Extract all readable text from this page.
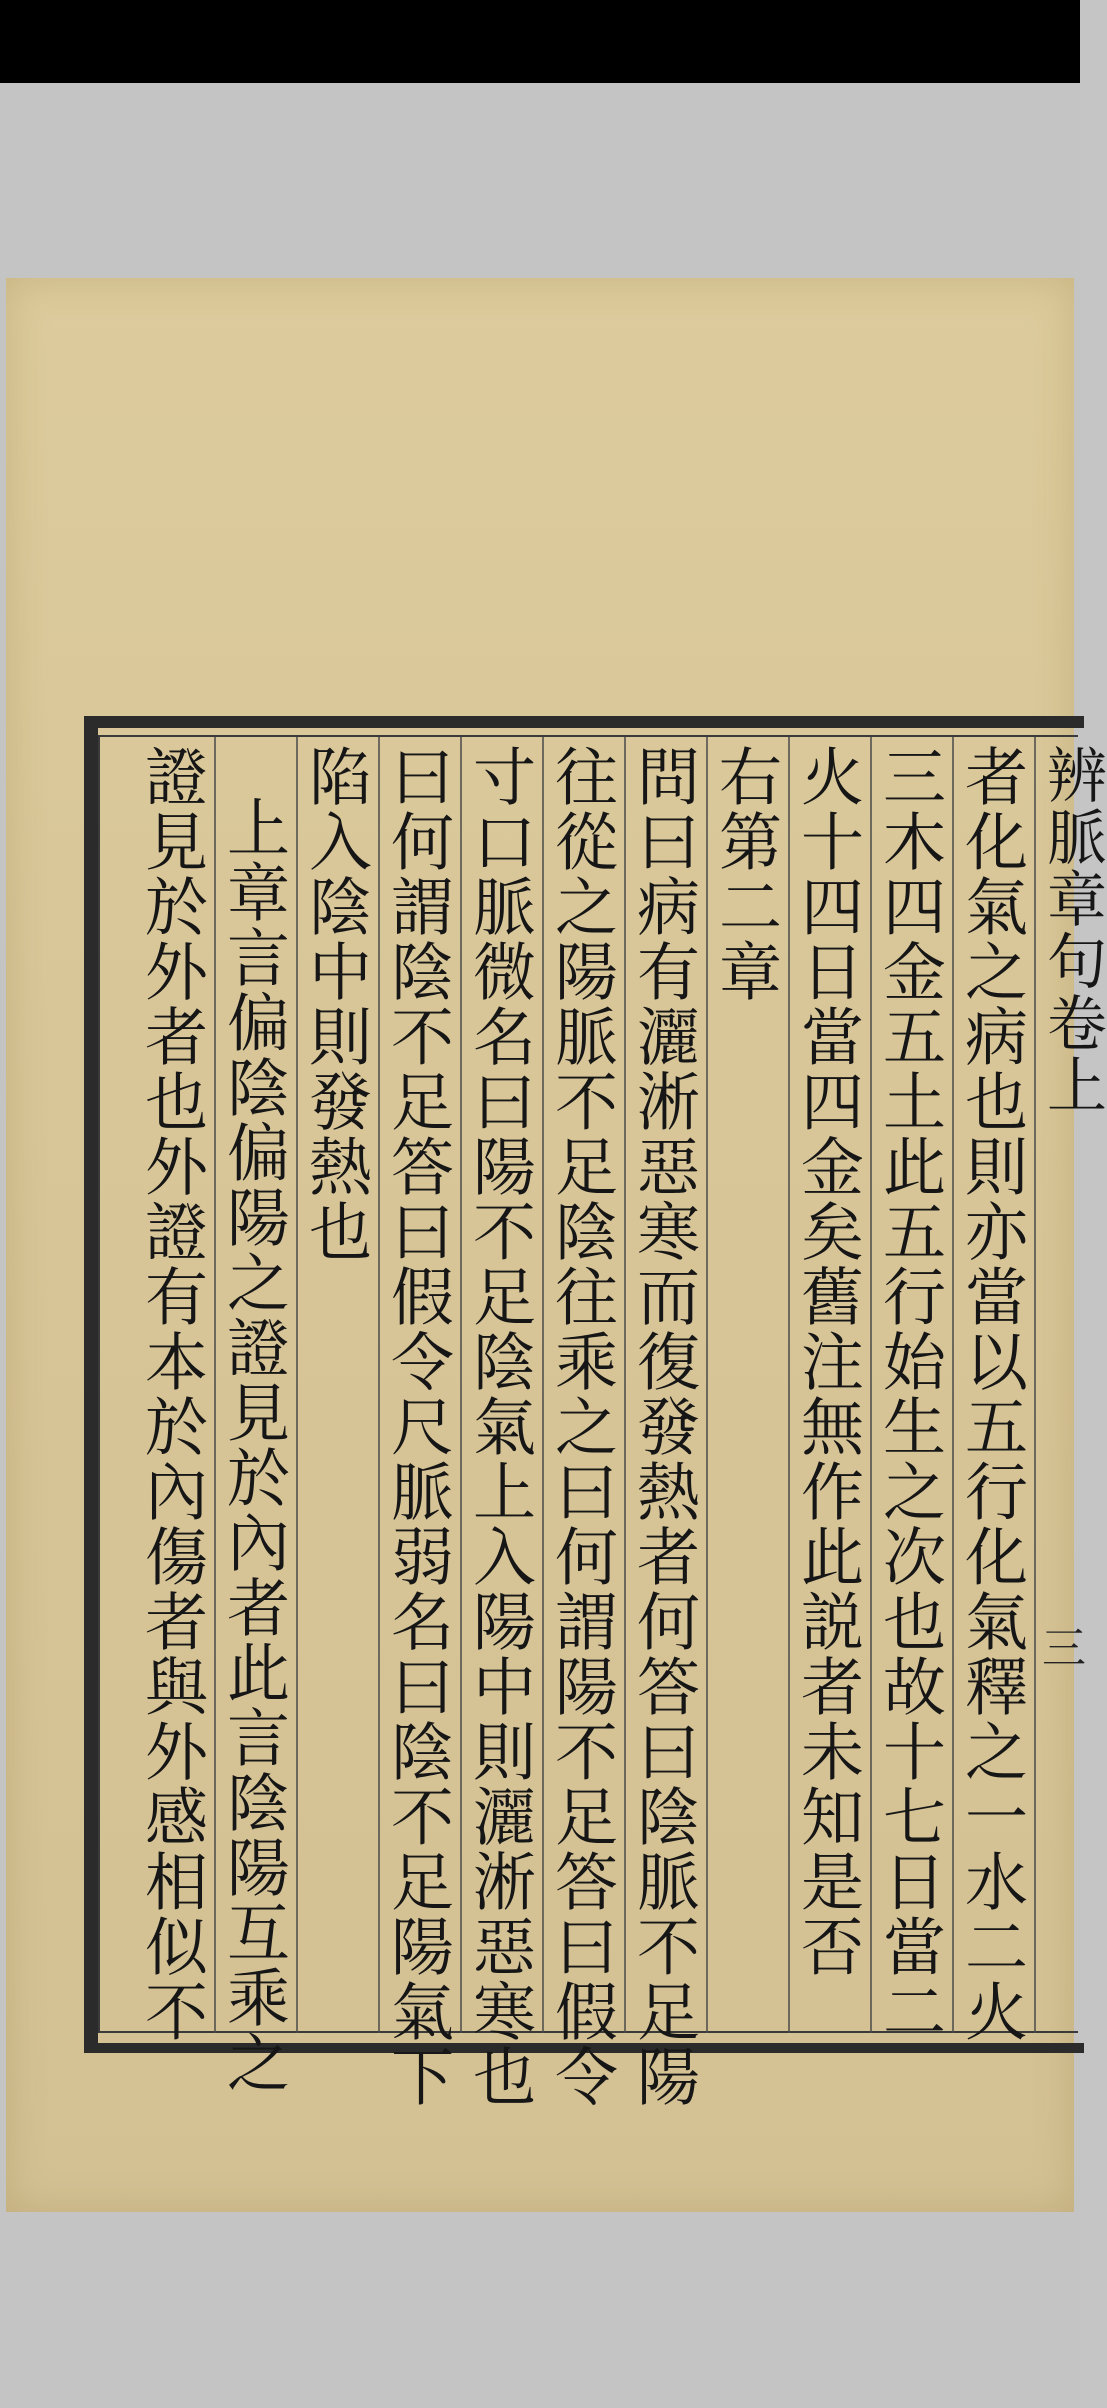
辨脈章句卷上
者化氣之病也則亦當以五行化氣釋之一水二火
三木四金五土此五行始生之次也故十七日當二
火十四日當四金矣舊注無作此説者未知是否
右第二章
問曰病有灑淅惡寒而復發熱者何答曰陰脈不足陽
往從之陽脈不足陰往乘之曰何謂陽不足答曰假令
寸口脈微名曰陽不足陰氣上入陽中則灑淅惡寒也
曰何謂陰不足答曰假令尺脈弱名曰陰不足陽氣下
陷入陰中則發熱也
上章言偏陰偏陽之證見於內者此言陰陽互乘之
證見於外者也外證有本於內傷者與外感相似不	三
